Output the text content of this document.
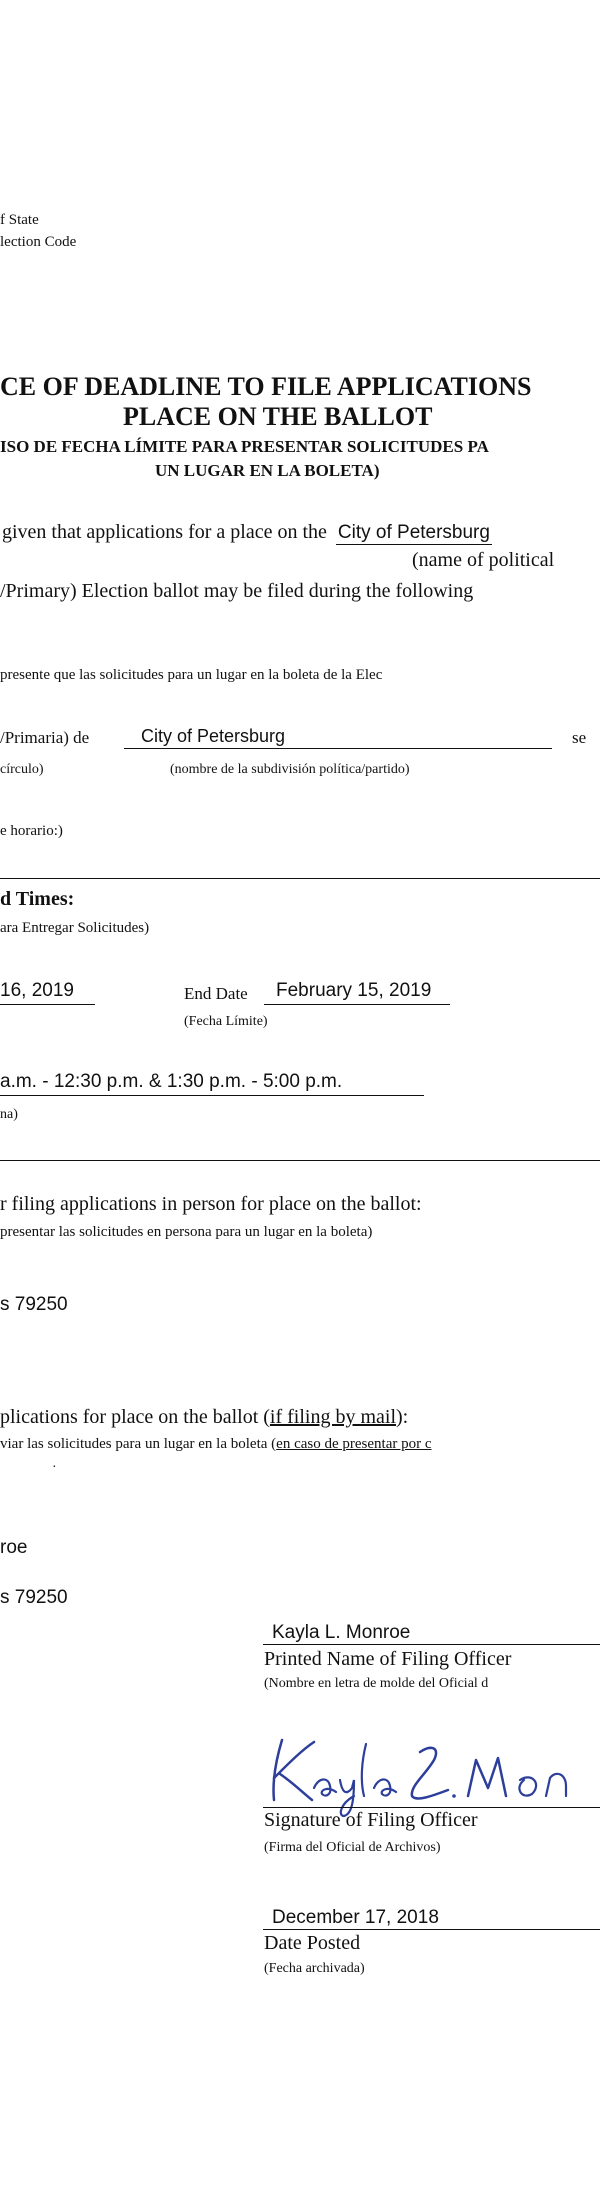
f State
lection Code
CE OF DEADLINE TO FILE APPLICATIONS
PLACE ON THE BALLOT
ISO DE FECHA LÍMITE PARA PRESENTAR SOLICITUDES PA
UN LUGAR EN LA BOLETA)
given that applications for a place on the City of Petersburg
(name of political
/Primary) Election ballot may be filed during the following
presente que las solicitudes para un lugar en la boleta de la Elec
/Primaria) de	City of Petersburg	se
círculo)	(nombre de la subdivisión política/partido)
e horario:)
d Times:
ara Entregar Solicitudes)
16, 2019	End Date February 15, 2019
(Fecha Límite)
a.m. - 12:30 p.m. & 1:30 p.m. - 5:00 p.m.
na)
r filing applications in person for place on the ballot:
presentar las solicitudes en persona para un lugar en la boleta)
s 79250
plications for place on the ballot (if filing by mail):
viar las solicitudes para un lugar en la boleta (en caso de presentar por c
·
roe
s 79250
Kayla L. Monroe
Printed Name of Filing Officer
(Nombre en letra de molde del Oficial d
Signature of Filing Officer
(Firma del Oficial de Archivos)
December 17, 2018
Date Posted
(Fecha archivada)
